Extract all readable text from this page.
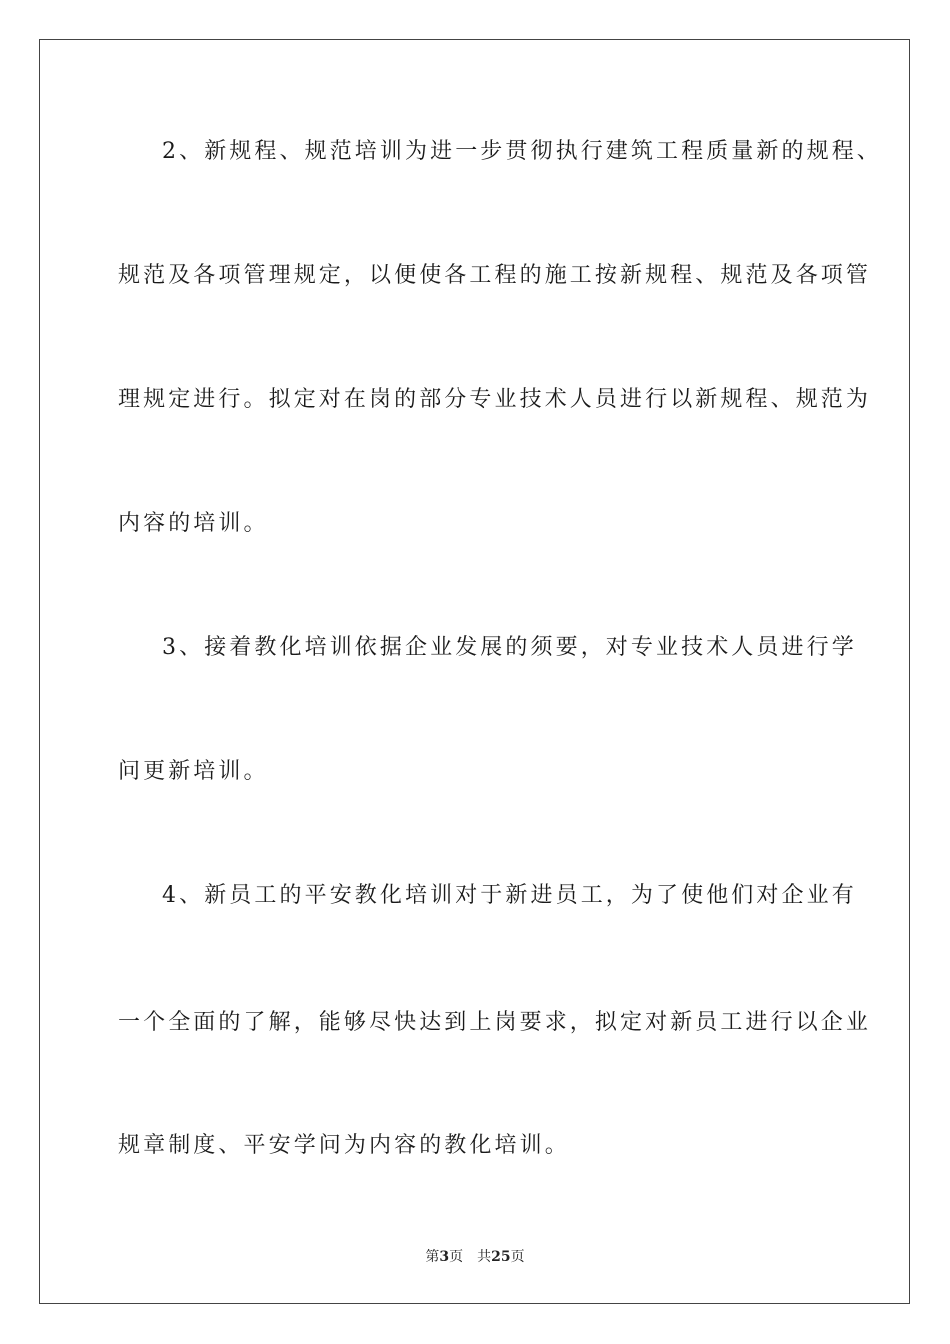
2、新规程、规范培训为进一步贯彻执行建筑工程质量新的规程、
规范及各项管理规定，以便使各工程的施工按新规程、规范及各项管
理规定进行。拟定对在岗的部分专业技术人员进行以新规程、规范为
内容的培训。
3、接着教化培训依据企业发展的须要，对专业技术人员进行学
问更新培训。
4、新员工的平安教化培训对于新进员工，为了使他们对企业有
一个全面的了解，能够尽快达到上岗要求，拟定对新员工进行以企业
规章制度、平安学问为内容的教化培训。
第3页 共25页
